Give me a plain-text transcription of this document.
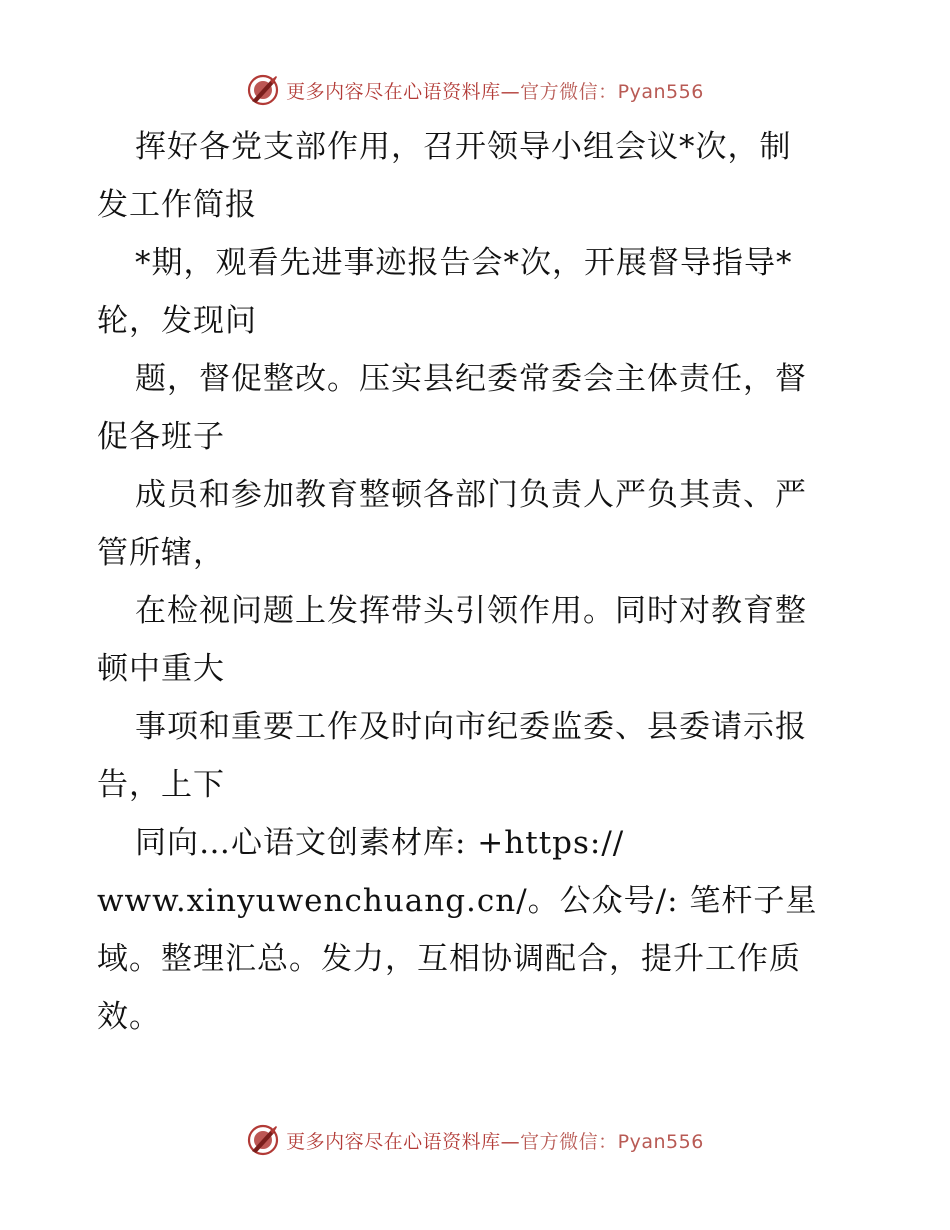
更多内容尽在心语资料库—官方微信：Pyan556
挥好各党支部作用，召开领导小组会议*次，制
发工作简报
*期，观看先进事迹报告会*次，开展督导指导*
轮，发现问
题，督促整改。压实县纪委常委会主体责任，督
促各班子
成员和参加教育整顿各部门负责人严负其责、严
管所辖，
在检视问题上发挥带头引领作用。同时对教育整
顿中重大
事项和重要工作及时向市纪委监委、县委请示报
告，上下
同向…心语文创素材库: +https://
www.xinyuwenchuang.cn/。公众号/: 笔杆子星
域。整理汇总。发力，互相协调配合，提升工作质
效。
更多内容尽在心语资料库—官方微信：Pyan556
